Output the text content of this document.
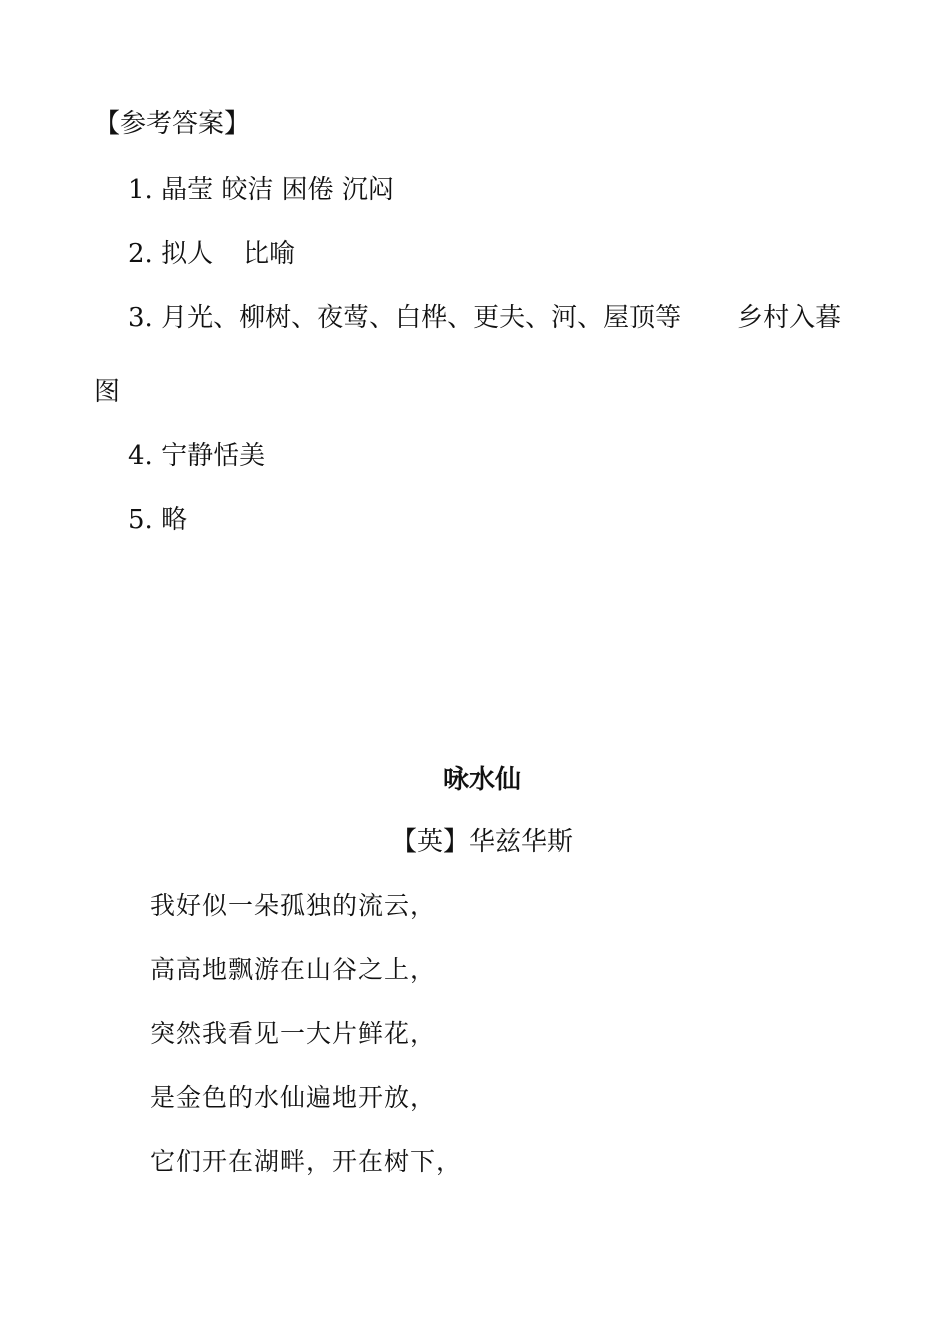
【参考答案】
1. 晶莹 皎洁 困倦 沉闷
2. 拟人 比喻
3. 月光、柳树、夜莺、白桦、更夫、河、屋顶等 乡村入暮
图
4. 宁静恬美
5. 略
咏水仙
【英】华兹华斯
我好似一朵孤独的流云，
高高地飘游在山谷之上，
突然我看见一大片鲜花，
是金色的水仙遍地开放，
它们开在湖畔，开在树下，
